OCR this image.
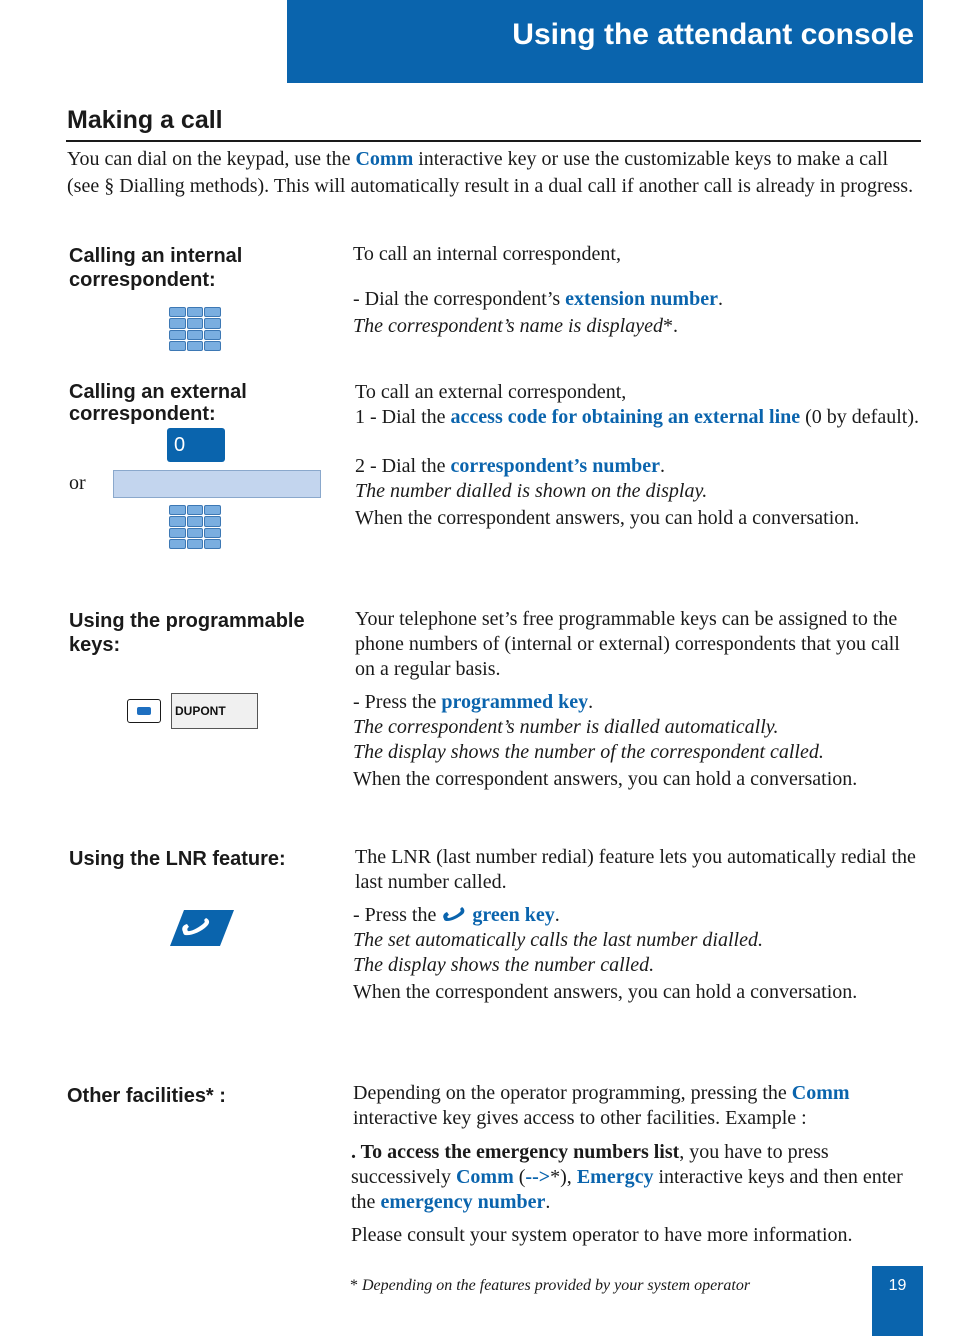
Using the attendant console
Making a call
You can dial on the keypad, use the Comm interactive key or use the customizable keys to make a call (see § Dialling methods). This will automatically result in a dual call if another call is already in progress.
Calling an internal correspondent:

To call an internal correspondent,

- Dial the correspondent’s extension number.

The correspondent’s name is displayed*.

Calling an external correspondent:
0
or

To call an external correspondent,

1 - Dial the access code for obtaining an external line (0 by default).

2 - Dial the correspondent’s number.

The number dialled is shown on the display.

When the correspondent answers, you can hold a conversation.

Using the programmable keys:
DUPONT

Your telephone set’s free programmable keys can be assigned to the phone numbers of (internal or external) correspondents that you call on a regular basis.

- Press the programmed key.

The correspondent’s number is dialled automatically.

The display shows the number of the correspondent called.

When the correspondent answers, you can hold a conversation.

Using the LNR feature:	The LNR (last number redial) feature lets you automatically redial the last number called.

- Press the  green key.

The set automatically calls the last number dialled.

The display shows the number called.

When the correspondent answers, you can hold a conversation.

Other facilities* :	Depending on the operator programming, pressing the Comm interactive key gives access to other facilities. Example :

. To access the emergency numbers list, you have to press successively Comm (-->*), Emergcy interactive keys and then enter the emergency number.

Please consult your system operator to have more information.

* Depending on the features provided by your system operator	19
